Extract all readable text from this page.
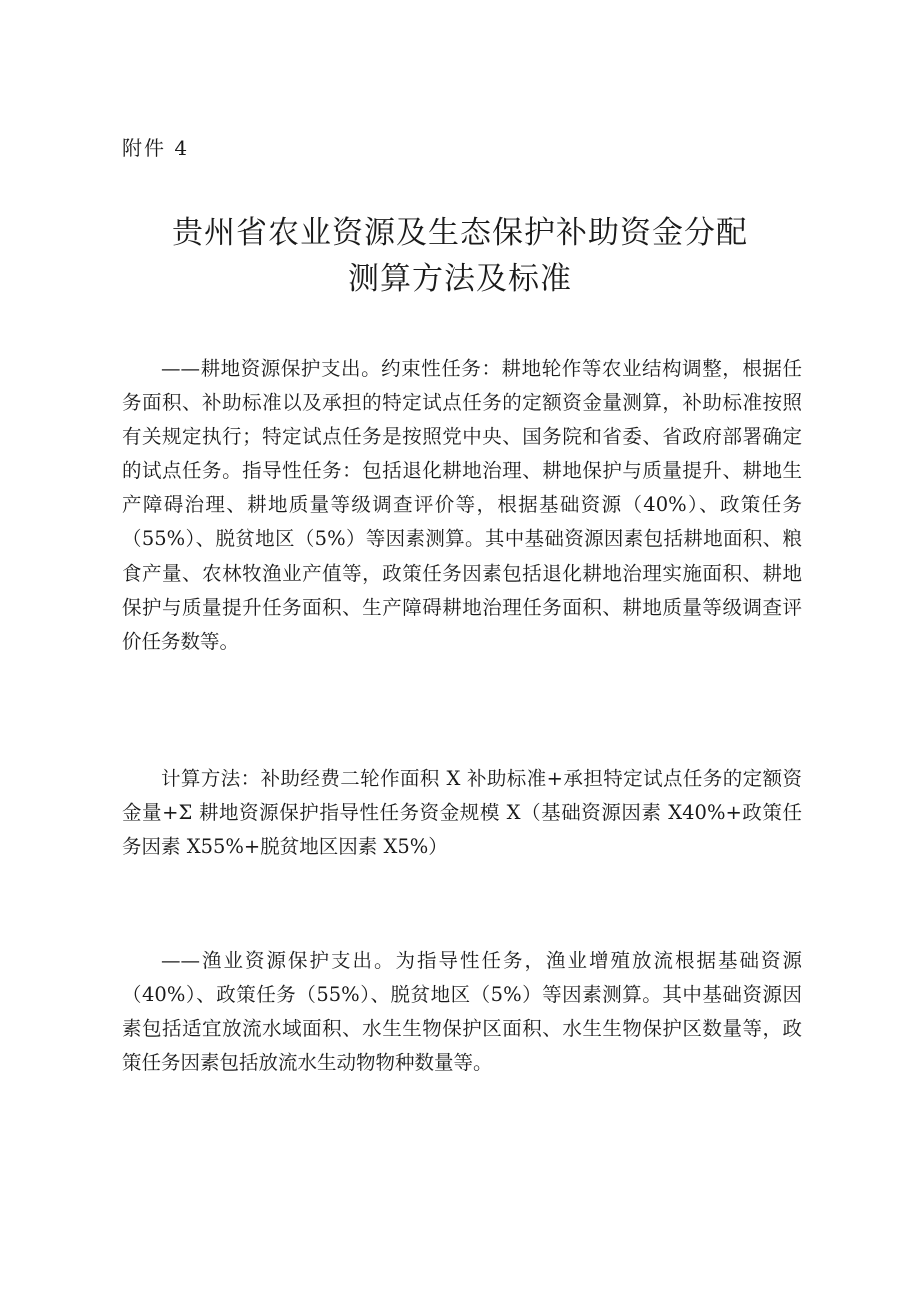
附件 4
贵州省农业资源及生态保护补助资金分配
测算方法及标准

——耕地资源保护支出。约束性任务：耕地轮作等农业结构调整，根据任务面积、补助标准以及承担的特定试点任务的定额资金量测算，补助标准按照有关规定执行；特定试点任务是按照党中央、国务院和省委、省政府部署确定的试点任务。指导性任务：包括退化耕地治理、耕地保护与质量提升、耕地生产障碍治理、耕地质量等级调查评价等，根据基础资源（40%）、政策任务（55%）、脱贫地区（5%）等因素测算。其中基础资源因素包括耕地面积、粮食产量、农林牧渔业产值等，政策任务因素包括退化耕地治理实施面积、耕地保护与质量提升任务面积、生产障碍耕地治理任务面积、耕地质量等级调查评价任务数等。

计算方法：补助经费二轮作面积 X 补助标准+承担特定试点任务的定额资金量+Σ 耕地资源保护指导性任务资金规模 X（基础资源因素 X40%+政策任务因素 X55%+脱贫地区因素 X5%）

——渔业资源保护支出。为指导性任务，渔业增殖放流根据基础资源（40%）、政策任务（55%）、脱贫地区（5%）等因素测算。其中基础资源因素包括适宜放流水域面积、水生生物保护区面积、水生生物保护区数量等，政策任务因素包括放流水生动物物种数量等。
